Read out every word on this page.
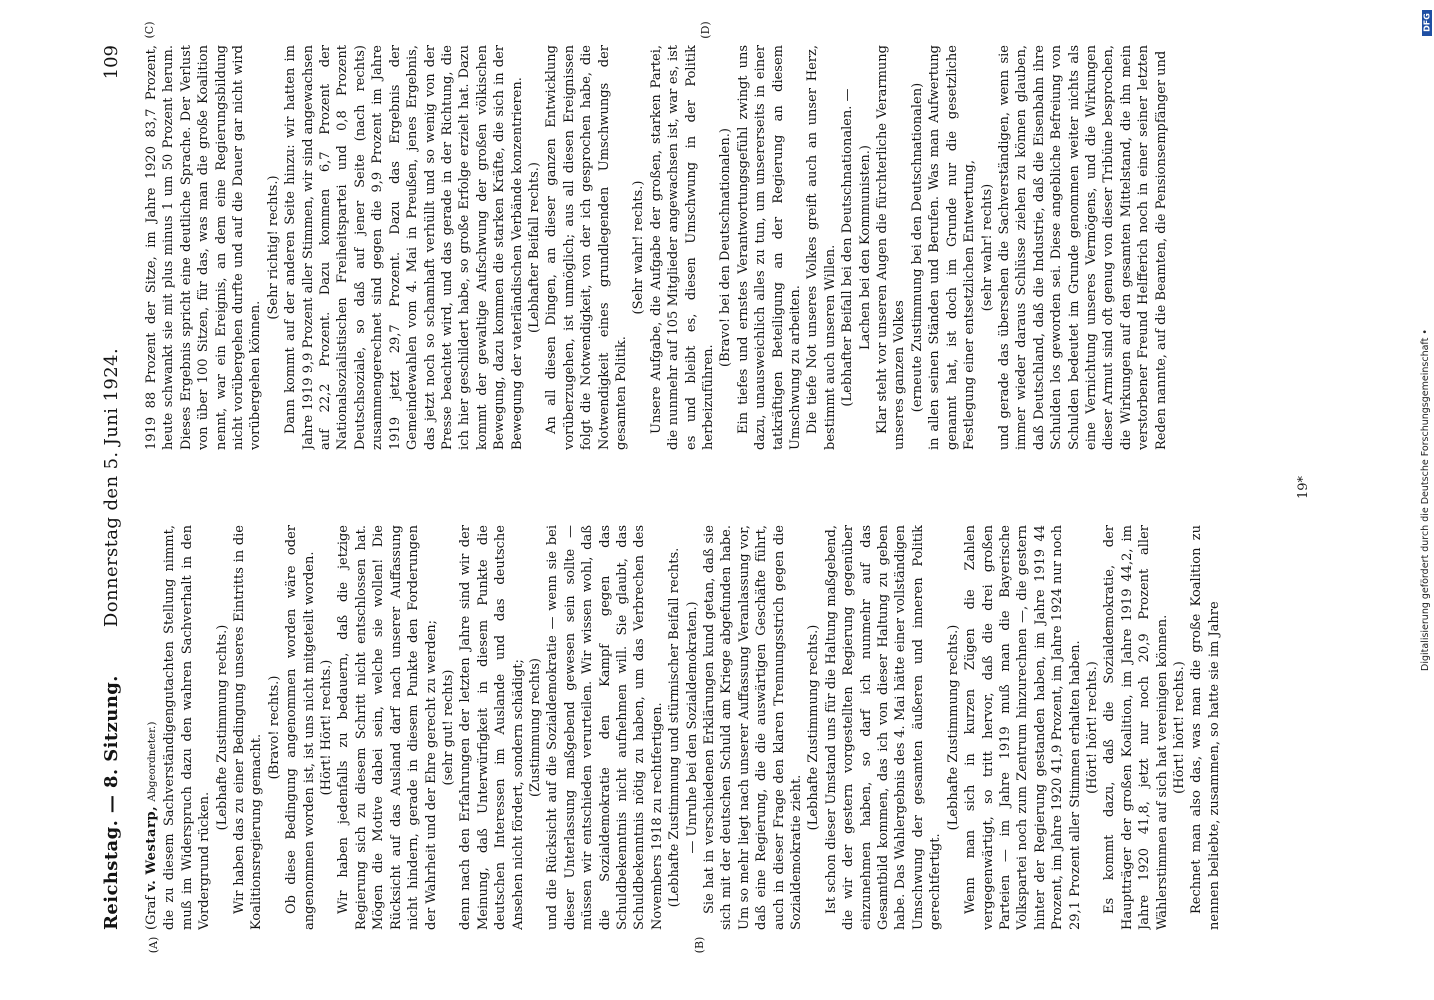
Reichstag. — 8. Sitzung.
Donnerstag den 5. Juni 1924.
109
(A)	(B)
(C)	(D)

(Graf v. Westarp, Abgeordneter.) die zu diesem Sachverständigengutachten Stellung nimmt, muß im Widerspruch dazu den wahren Sachverhalt in den Vordergrund rücken.

(Lebhafte Zustimmung rechts.) Wir haben das zu einer Bedingung unseres Eintritts in die Koalitionsregierung gemacht.

(Bravo! rechts.) Ob diese Bedingung angenommen worden wäre oder angenommen worden ist, ist uns nicht mitgeteilt worden. (Hört! Hört! rechts.) Wir haben jedenfalls zu bedauern, daß die jetzige Regierung sich zu diesem Schritt nicht entschlossen hat. Mögen die Motive dabei sein, welche sie wollen! Die Rücksicht auf das Ausland darf nach unserer Auffassung nicht hindern, gerade in diesem Punkte den Forderungen der Wahrheit und der Ehre gerecht zu werden; (sehr gut! rechts) denn nach den Erfahrungen der letzten Jahre sind wir der Meinung, daß Unterwürfigkeit in diesem Punkte die deutschen Interessen im Auslande und das deutsche Ansehen nicht fördert, sondern schädigt; (Zustimmung rechts) und die Rücksicht auf die Sozialdemokratie — wenn sie bei dieser Unterlassung maßgebend gewesen sein sollte — müssen wir entschieden verurteilen. Wir wissen wohl, daß die Sozialdemokratie den Kampf gegen das Schuldbekenntnis nicht aufnehmen will. Sie glaubt, das Schuldbekenntnis nötig zu haben, um das Verbrechen des Novembers 1918 zu rechtfertigen. (Lebhafte Zustimmung und stürmischer Beifall rechts. — Unruhe bei den Sozialdemokraten.) Sie hat in verschiedenen Erklärungen kund getan, daß sie sich mit der deutschen Schuld am Kriege abgefunden habe. Um so mehr liegt nach unserer Auffassung Veranlassung vor, daß eine Regierung, die die auswärtigen Geschäfte führt, auch in dieser Frage den klaren Trennungsstrich gegen die Sozialdemokratie zieht.

(Lebhafte Zustimmung rechts.) Ist schon dieser Umstand uns für die Haltung maßgebend, die wir der gestern vorgestellten Regierung gegenüber einzunehmen haben, so darf ich nunmehr auf das Gesamtbild kommen, das ich von dieser Haltung zu geben habe. Das Wahlergebnis des 4. Mai hätte einer vollständigen Umschwung der gesamten äußeren und inneren Politik gerechtfertigt.

(Lebhafte Zustimmung rechts.) Wenn man sich in kurzen Zügen die Zahlen vergegenwärtigt, so tritt hervor, daß die drei großen Parteien — im Jahre 1919 muß man die Bayerische Volkspartei noch zum Zentrum hinzurechnen —, die gestern hinter der Regierung gestanden haben, im Jahre 1919 44 Prozent, im Jahre 1920 41,9 Prozent, im Jahre 1924 nur noch 29,1 Prozent aller Stimmen erhalten haben. (Hört! hört! rechts.) Es kommt dazu, daß die Sozialdemokratie, der Hauptträger der großen Koalition, im Jahre 1919 44,2, im Jahre 1920 41,8, jetzt nur noch 20,9 Prozent aller Wählerstimmen auf sich hat vereinigen können. (Hört! hört! rechts.) Rechnet man also das, was man die große Koalition zu nennen beliebte, zusammen, so hatte sie im Jahre

1919 88 Prozent der Sitze, im Jahre 1920 83,7 Prozent, heute schwankt sie mit plus minus 1 um 50 Prozent herum. Dieses Ergebnis spricht eine deutliche Sprache. Der Verlust von über 100 Sitzen, für das, was man die große Koalition nennt, war ein Ereignis, an dem eine Regierungsbildung nicht vorübergehen durfte und auf die Dauer gar nicht wird vorübergehen können.

(Sehr richtig! rechts.) Dann kommt auf der anderen Seite hinzu: wir hatten im Jahre 1919 9,9 Prozent aller Stimmen, wir sind angewachsen auf 22,2 Prozent. Dazu kommen 6,7 Prozent der Nationalsozialistischen Freiheitspartei und 0,8 Prozent Deutschsoziale, so daß auf jener Seite (nach rechts) zusammengerechnet sind gegen die 9,9 Prozent im Jahre 1919 jetzt 29,7 Prozent. Dazu das Ergebnis der Gemeindewahlen vom 4. Mai in Preußen, jenes Ergebnis, das jetzt noch so schamhaft verhüllt und so wenig von der Presse beachtet wird, und das gerade in der Richtung, die ich hier geschildert habe, so große Erfolge erzielt hat. Dazu kommt der gewaltige Aufschwung der großen völkischen Bewegung, dazu kommen die starken Kräfte, die sich in der Bewegung der vaterländischen Verbände konzentrieren. (Lebhafter Beifall rechts.) An all diesen Dingen, an dieser ganzen Entwicklung vorüberzugehen, ist unmöglich; aus all diesen Ereignissen folgt die Notwendigkeit, von der ich gesprochen habe, die Notwendigkeit eines grundlegenden Umschwungs der gesamten Politik.

(Sehr wahr! rechts.) Unsere Aufgabe, die Aufgabe der großen, starken Partei, die nunmehr auf 105 Mitglieder angewachsen ist, war es, ist es und bleibt es, diesen Umschwung in der Politik herbeizuführen.

(Bravo! bei den Deutschnationalen.) Ein tiefes und ernstes Verantwortungsgefühl zwingt uns dazu, unausweichlich alles zu tun, um unsererseits in einer tatkräftigen Beteiligung an der Regierung an diesem Umschwung zu arbeiten. Die tiefe Not unseres Volkes greift auch an unser Herz, bestimmt auch unseren Willen. (Lebhafter Beifall bei den Deutschnationalen. — Lachen bei den Kommunisten.) Klar steht vor unseren Augen die fürchterliche Verarmung unseres ganzen Volkes (erneute Zustimmung bei den Deutschnationalen) in allen seinen Ständen und Berufen. Was man Aufwertung genannt hat, ist doch im Grunde nur die gesetzliche Festlegung einer entsetzlichen Entwertung, (sehr wahr! rechts) und gerade das übersehen die Sachverständigen, wenn sie immer wieder daraus Schlüsse ziehen zu können glauben, daß Deutschland, daß die Industrie, daß die Eisenbahn ihre Schulden los geworden sei. Diese angebliche Befreiung von Schulden bedeutet im Grunde genommen weiter nichts als eine Vernichtung unseres Vermögens, und die Wirkungen dieser Armut sind oft genug von dieser Tribüne besprochen, die Wirkungen auf den gesamten Mittelstand, die ihn mein verstorbener Freund Helfferich noch in einer seiner letzten Reden nannte, auf die Beamten, die Pensionsempfänger und

19*	Digitalisierung gefördert durch die Deutsche Forschungsgemeinschaft •
DFG
